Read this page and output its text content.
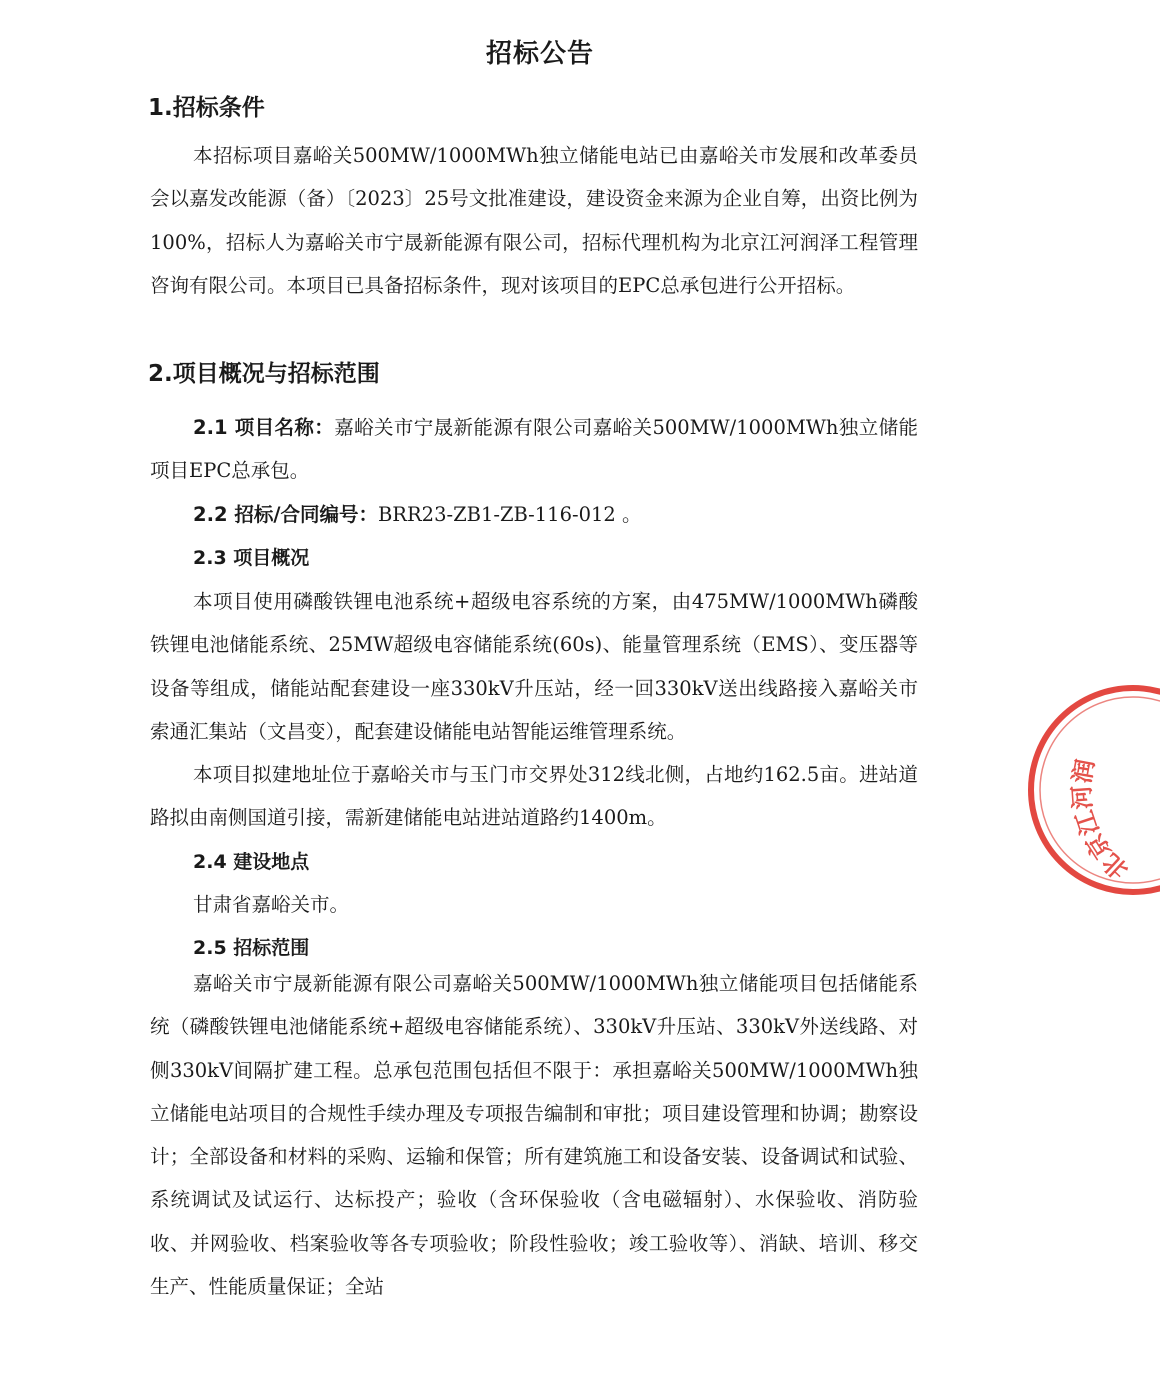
招标公告
1.招标条件

本招标项目嘉峪关500MW/1000MWh独立储能电站已由嘉峪关市发展和改革委员会以嘉发改能源（备）〔2023〕25号文批准建设，建设资金来源为企业自筹，出资比例为100%，招标人为嘉峪关市宁晟新能源有限公司，招标代理机构为北京江河润泽工程管理咨询有限公司。本项目已具备招标条件，现对该项目的EPC总承包进行公开招标。

2.项目概况与招标范围

2.1 项目名称：嘉峪关市宁晟新能源有限公司嘉峪关500MW/1000MWh独立储能项目EPC总承包。

2.2 招标/合同编号：BRR23-ZB1-ZB-116-012 。

2.3 项目概况

本项目使用磷酸铁锂电池系统+超级电容系统的方案，由475MW/1000MWh磷酸铁锂电池储能系统、25MW超级电容储能系统(60s)、能量管理系统（EMS）、变压器等设备等组成，储能站配套建设一座330kV升压站，经一回330kV送出线路接入嘉峪关市索通汇集站（文昌变），配套建设储能电站智能运维管理系统。

本项目拟建地址位于嘉峪关市与玉门市交界处312线北侧，占地约162.5亩。进站道路拟由南侧国道引接，需新建储能电站进站道路约1400m。

2.4 建设地点

甘肃省嘉峪关市。

2.5 招标范围

嘉峪关市宁晟新能源有限公司嘉峪关500MW/1000MWh独立储能项目包括储能系统（磷酸铁锂电池储能系统+超级电容储能系统）、330kV升压站、330kV外送线路、对侧330kV间隔扩建工程。总承包范围包括但不限于：承担嘉峪关500MW/1000MWh独立储能电站项目的合规性手续办理及专项报告编制和审批；项目建设管理和协调；勘察设计；全部设备和材料的采购、运输和保管；所有建筑施工和设备安装、设备调试和试验、系统调试及试运行、达标投产；验收（含环保验收（含电磁辐射）、水保验收、消防验收、并网验收、档案验收等各专项验收；阶段性验收；竣工验收等）、消缺、培训、移交生产、性能质量保证；全站

北京江河润
